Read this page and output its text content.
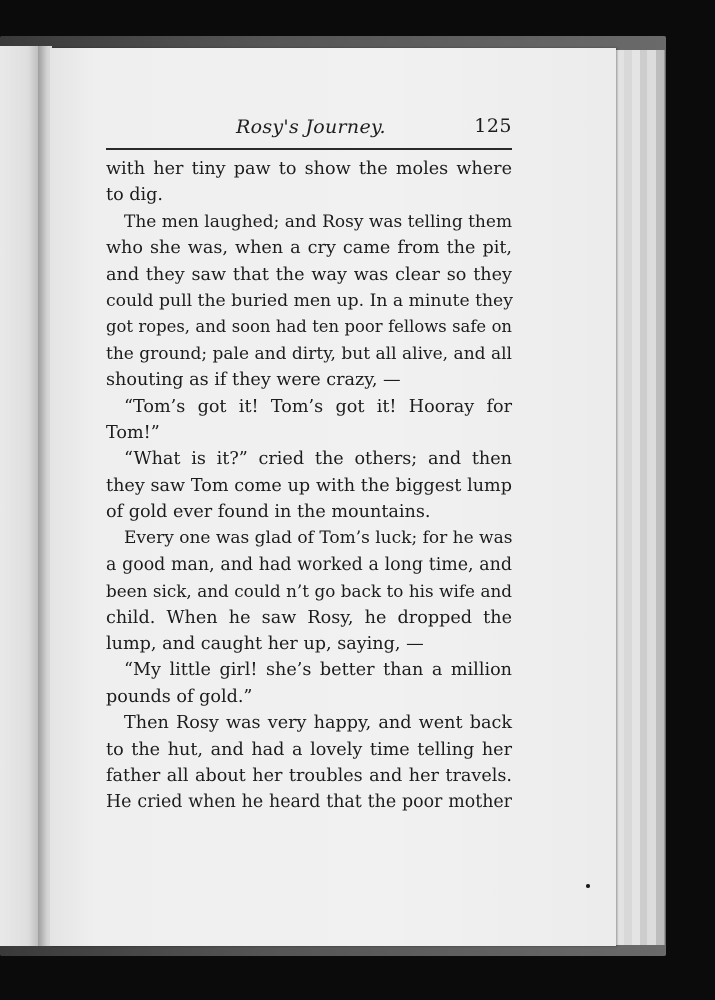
Rosy's Journey.	125
with her tiny paw to show the moles where
to dig.
The men laughed; and Rosy was telling them
who she was, when a cry came from the pit,
and they saw that the way was clear so they
could pull the buried men up. In a minute they
got ropes, and soon had ten poor fellows safe on
the ground; pale and dirty, but all alive, and all
shouting as if they were crazy, —
“Tom’s got it! Tom’s got it! Hooray for
Tom!”
“What is it?” cried the others; and then
they saw Tom come up with the biggest lump
of gold ever found in the mountains.
Every one was glad of Tom’s luck; for he was
a good man, and had worked a long time, and
been sick, and could n’t go back to his wife and
child. When he saw Rosy, he dropped the
lump, and caught her up, saying, —
“My little girl! she’s better than a million
pounds of gold.”
Then Rosy was very happy, and went back
to the hut, and had a lovely time telling her
father all about her troubles and her travels.
He cried when he heard that the poor mother
